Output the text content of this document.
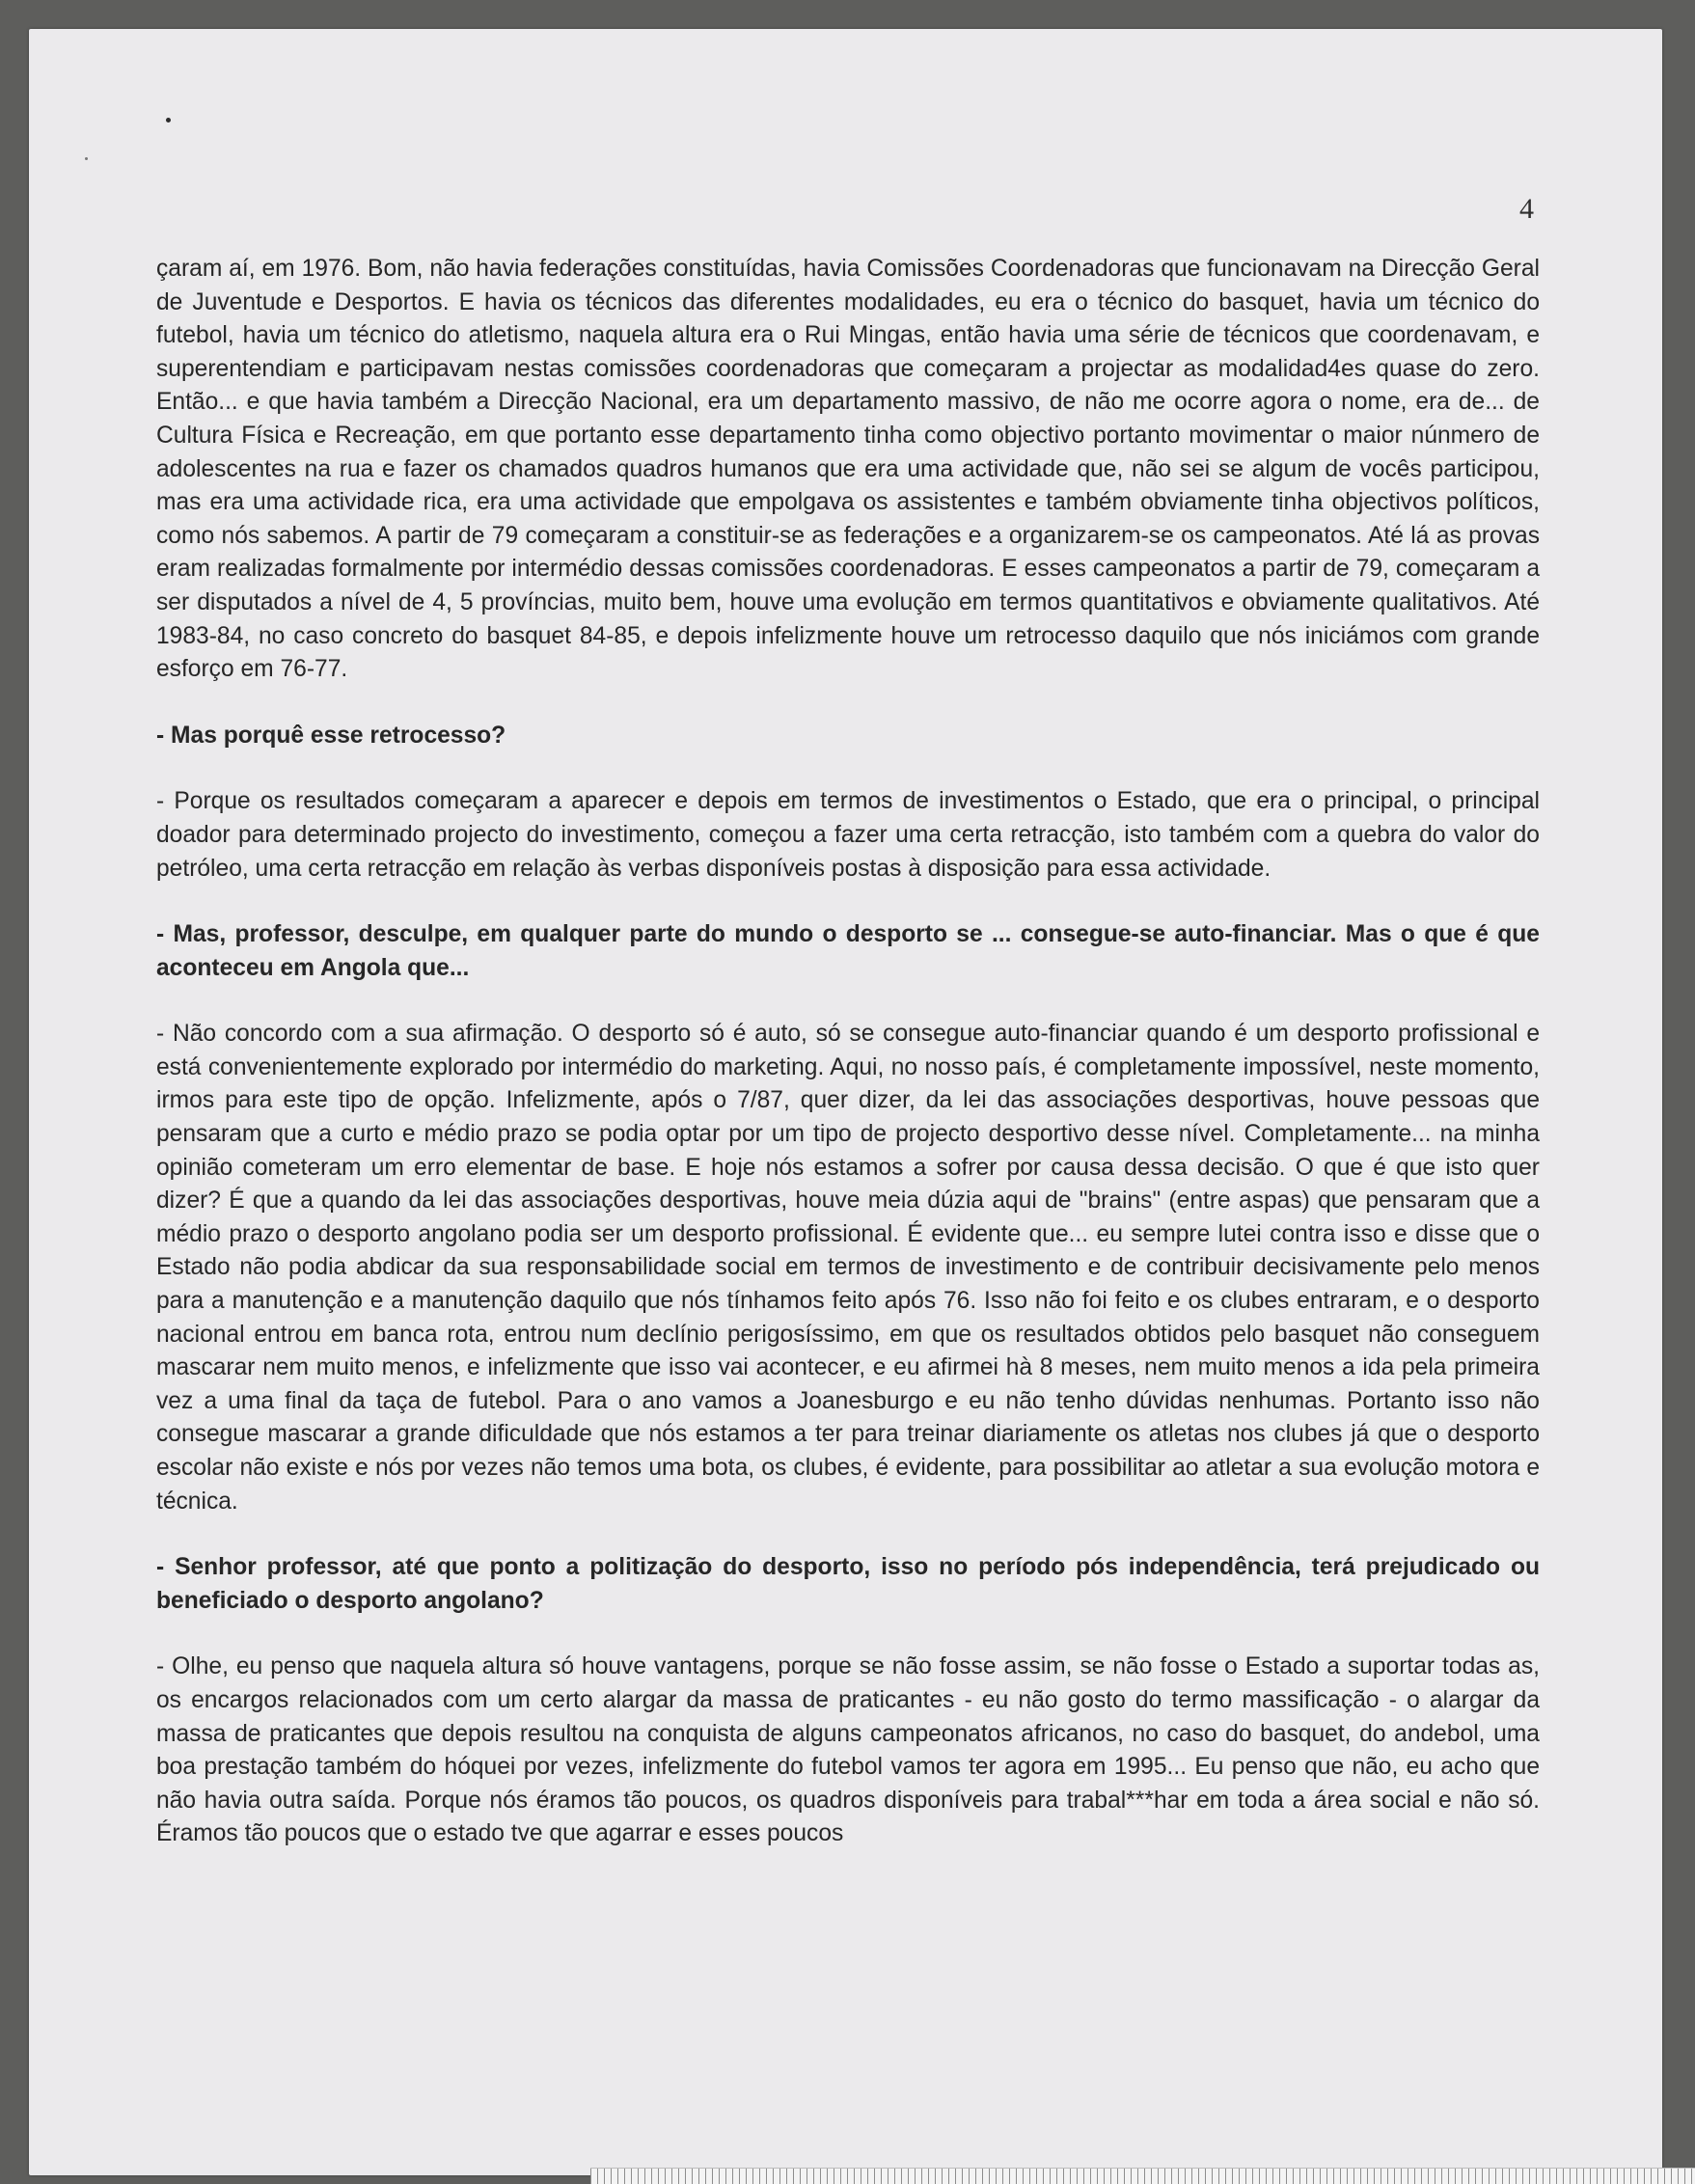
4

çaram aí, em 1976. Bom, não havia federações constituídas, havia Comissões Coordenadoras que funcionavam na Direcção Geral de Juventude e Desportos. E havia os técnicos das diferentes modalidades, eu era o técnico do basquet, havia um técnico do futebol, havia um técnico do atletismo, naquela altura era o Rui Mingas, então havia uma série de técnicos que coordenavam, e superentendiam e participavam nestas comissões coordenadoras que começaram a projectar as modalidad4es quase do zero. Então... e que havia também a Direcção Nacional, era um departamento massivo, de não me ocorre agora o nome, era de... de Cultura Física e Recreação, em que portanto esse departamento tinha como objectivo portanto movimentar o maior núnmero de adolescentes na rua e fazer os chamados quadros humanos que era uma actividade que, não sei se algum de vocês participou, mas era uma actividade rica, era uma actividade que empolgava os assistentes e também obviamente tinha objectivos políticos, como nós sabemos. A partir de 79 começaram a constituir-se as federações e a organizarem-se os campeonatos. Até lá as provas eram realizadas formalmente por intermédio dessas comissões coordenadoras. E esses campeonatos a partir de 79, começaram a ser disputados a nível de 4, 5 províncias, muito bem, houve uma evolução em termos quantitativos e obviamente qualitativos. Até 1983-84, no caso concreto do basquet 84-85, e depois infelizmente houve um retrocesso daquilo que nós iniciámos com grande esforço em 76-77.

- Mas porquê esse retrocesso?

- Porque os resultados começaram a aparecer e depois em termos de investimentos o Estado, que era o principal, o principal doador para determinado projecto do investimento, começou a fazer uma certa retracção, isto também com a quebra do valor do petróleo, uma certa retracção em relação às verbas disponíveis postas à disposição para essa actividade.

- Mas, professor, desculpe, em qualquer parte do mundo o desporto se ... consegue-se auto-financiar. Mas o que é que aconteceu em Angola que...

- Não concordo com a sua afirmação. O desporto só é auto, só se consegue auto-financiar quando é um desporto profissional e está convenientemente explorado por intermédio do marketing. Aqui, no nosso país, é completamente impossível, neste momento, irmos para este tipo de opção. Infelizmente, após o 7/87, quer dizer, da lei das associações desportivas, houve pessoas que pensaram que a curto e médio prazo se podia optar por um tipo de projecto desportivo desse nível. Completamente... na minha opinião cometeram um erro elementar de base. E hoje nós estamos a sofrer por causa dessa decisão. O que é que isto quer dizer? É que a quando da lei das associações desportivas, houve meia dúzia aqui de "brains" (entre aspas) que pensaram que a médio prazo o desporto angolano podia ser um desporto profissional. É evidente que... eu sempre lutei contra isso e disse que o Estado não podia abdicar da sua responsabilidade social em termos de investimento e de contribuir decisivamente pelo menos para a manutenção e a manutenção daquilo que nós tínhamos feito após 76. Isso não foi feito e os clubes entraram, e o desporto nacional entrou em banca rota, entrou num declínio perigosíssimo, em que os resultados obtidos pelo basquet não conseguem mascarar nem muito menos, e infelizmente que isso vai acontecer, e eu afirmei hà 8 meses, nem muito menos a ida pela primeira vez a uma final da taça de futebol. Para o ano vamos a Joanesburgo e eu não tenho dúvidas nenhumas. Portanto isso não consegue mascarar a grande dificuldade que nós estamos a ter para treinar diariamente os atletas nos clubes já que o desporto escolar não existe e nós por vezes não temos uma bota, os clubes, é evidente, para possibilitar ao atletar a sua evolução motora e técnica.

- Senhor professor, até que ponto a politização do desporto, isso no período pós independência, terá prejudicado ou beneficiado o desporto angolano?

- Olhe, eu penso que naquela altura só houve vantagens, porque se não fosse assim, se não fosse o Estado a suportar todas as, os encargos relacionados com um certo alargar da massa de praticantes - eu não gosto do termo massificação - o alargar da massa de praticantes que depois resultou na conquista de alguns campeonatos africanos, no caso do basquet, do andebol, uma boa prestação também do hóquei por vezes, infelizmente do futebol vamos ter agora em 1995... Eu penso que não, eu acho que não havia outra saída. Porque nós éramos tão poucos, os quadros disponíveis para trabal***har em toda a área social e não só. Éramos tão poucos que o estado tve que agarrar e esses poucos
